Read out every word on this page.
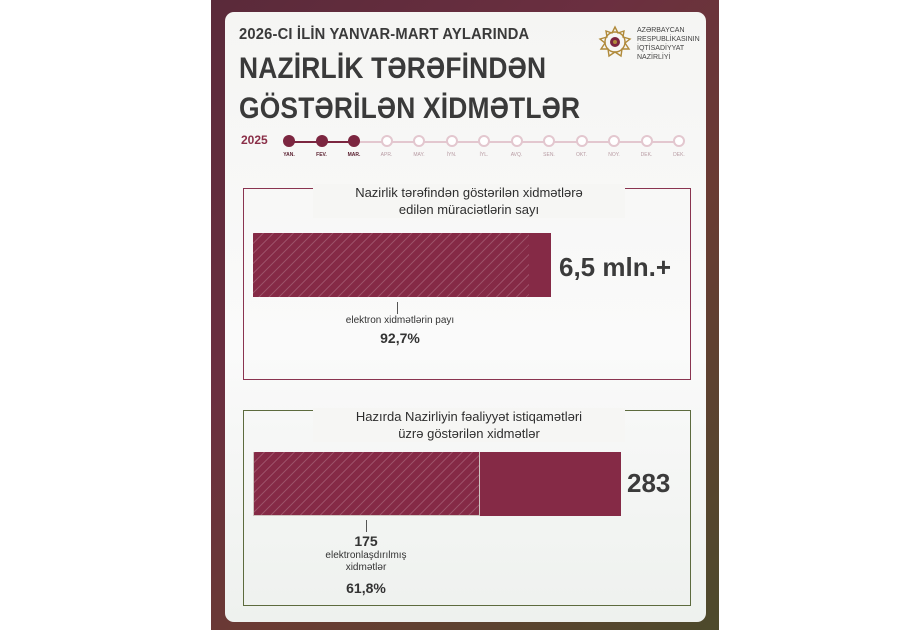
2026-CI İLİN YANVAR-MART AYLARINDA
NAZİRLİK TƏRƏFİNDƏN
GÖSTƏRİLƏN XİDMƏTLƏR
AZƏRBAYCAN
RESPUBLİKASININ
İQTİSADİYYAT
NAZİRLİYİ
2025
YAN.	FEV.	MAR.	APR.	MAY.	İYN.	İYL.	AVQ.	SEN.	OKT.	NOY.	DEK.	DEK.
Nazirlik tərəfindən göstərilən xidmətlərə
edilən müraciətlərin sayı
6,5 mln.+
elektron xidmətlərin payı
92,7%
Hazırda Nazirliyin fəaliyyət istiqamətləri
üzrə göstərilən xidmətlər
283
175
elektronlaşdırılmış
xidmətlər
61,8%
